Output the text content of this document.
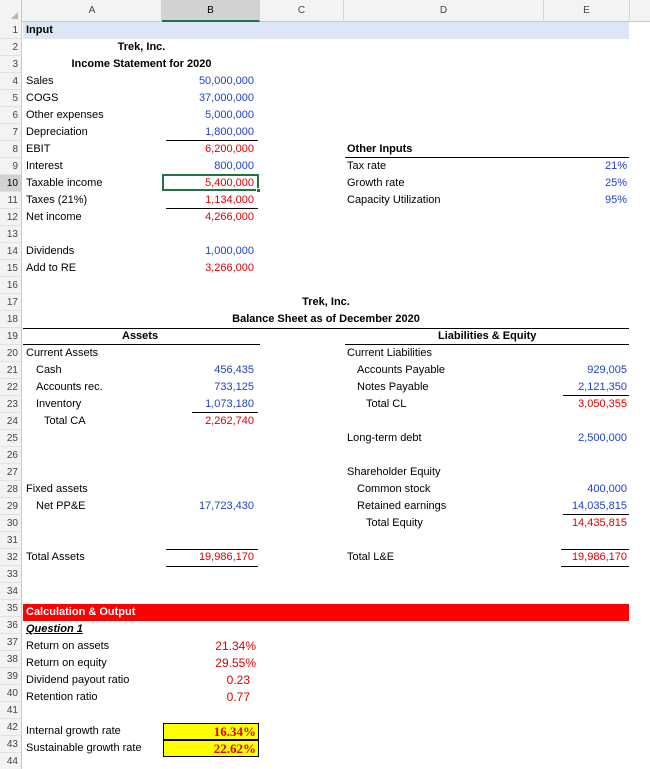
A	B	C	D	E
1
2
3
4
5
6
7
8
9
10
11
12
13
14
15
16
17
18
19
20
21
22
23
24
25
26
27
28
29
30
31
32
33
34
35
36
37
38
39
40
41
42
43
44
Input
Trek, Inc.
Income Statement for 2020
Sales	50,000,000
COGS	37,000,000
Other expenses	5,000,000
Depreciation	1,800,000
EBIT	6,200,000
Interest	800,000
Taxable income	5,400,000
Taxes (21%)	1,134,000
Net income	4,266,000
Dividends	1,000,000
Add to RE	3,266,000
Other Inputs
Tax rate	21%
Growth rate	25%
Capacity Utilization	95%
Trek, Inc.
Balance Sheet as of December 2020
Assets	Liabilities & Equity
Current Assets	Current Liabilities
Cash	456,435	Accounts Payable	929,005
Accounts rec.	733,125	Notes Payable	2,121,350
Inventory	1,073,180	Total CL	3,050,355
Total CA	2,262,740
Long-term debt	2,500,000
Shareholder Equity
Fixed assets	Common stock	400,000
Net PP&E	17,723,430	Retained earnings	14,035,815
Total Equity	14,435,815
Total Assets	19,986,170	Total L&E	19,986,170
Calculation & Output
Question 1
Return on assets	21.34%
Return on equity	29.55%
Dividend payout ratio	0.23
Retention ratio	0.77
Internal growth rate	16.34%
Sustainable growth rate	22.62%
